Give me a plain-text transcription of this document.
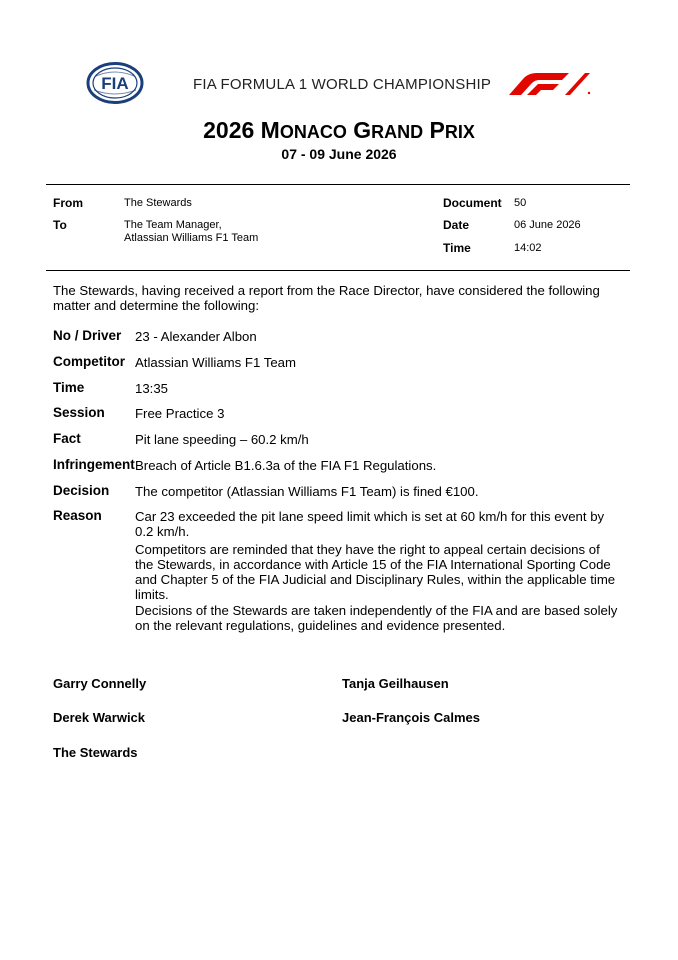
FIA	FIA FORMULA 1 WORLD CHAMPIONSHIP
2026 MONACO GRAND PRIX
07 - 09 June 2026
From	The Stewards
To	The Team Manager,
Atlassian Williams F1 Team
Document 50
Date	06 June 2026
Time	14:02
The Stewards, having received a report from the Race Director, have considered the following matter and determine the following:
No / Driver 23 - Alexander Albon
Competitor Atlassian Williams F1 Team
Time	13:35
Session Free Practice 3
Fact	Pit lane speeding – 60.2 km/h
Infringement Breach of Article B1.6.3a of the FIA F1 Regulations.
Decision The competitor (Atlassian Williams F1 Team) is fined €100.
Reason	Car 23 exceeded the pit lane speed limit which is set at 60 km/h for this event by 0.2 km/h.
Competitors are reminded that they have the right to appeal certain decisions of the Stewards, in accordance with Article 15 of the FIA International Sporting Code and Chapter 5 of the FIA Judicial and Disciplinary Rules, within the applicable time limits.
Decisions of the Stewards are taken independently of the FIA and are based solely on the relevant regulations, guidelines and evidence presented.
Garry Connelly	Tanja Geilhausen
Derek Warwick	Jean-François Calmes
The Stewards
